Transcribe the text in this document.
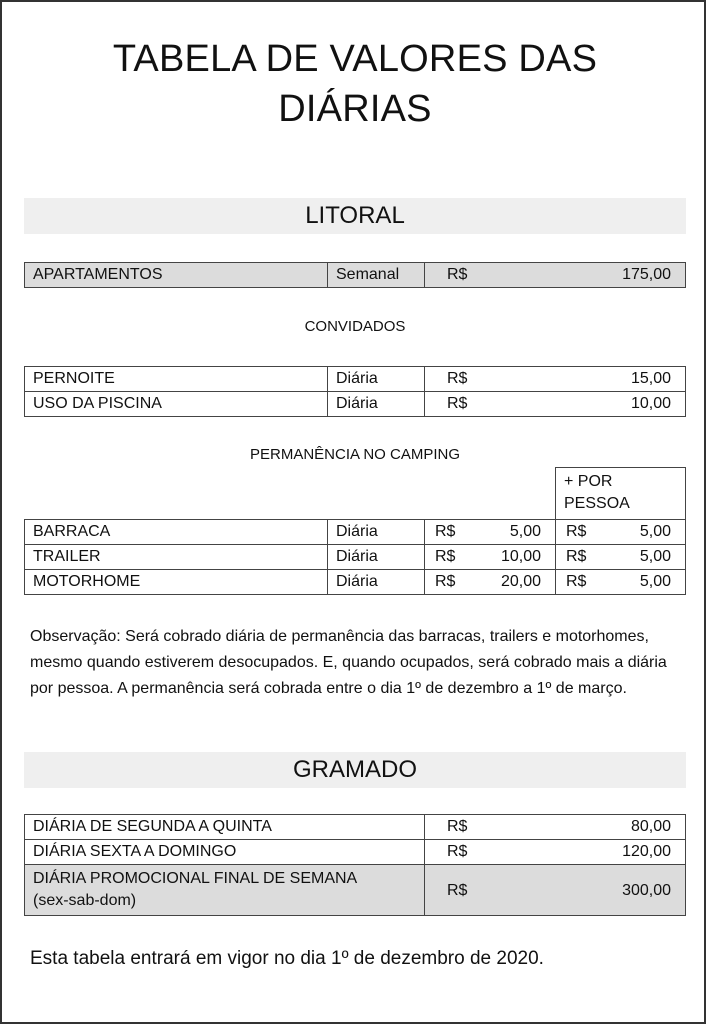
TABELA DE VALORES DAS
DIÁRIAS
LITORAL
APARTAMENTOS	Semanal	R$	175,00
CONVIDADOS
PERNOITE	Diária	R$	15,00
USO DA PISCINA	Diária	R$	10,00
PERMANÊNCIA NO CAMPING
+ POR
PESSOA
BARRACA	Diária	R$	5,00 R$	5,00
TRAILER	Diária	R$	10,00 R$	5,00
MOTORHOME	Diária	R$	20,00 R$	5,00
Observação: Será cobrado diária de permanência das barracas, trailers e motorhomes, mesmo quando estiverem desocupados. E, quando ocupados, será cobrado mais a diária por pessoa. A permanência será cobrada entre o dia 1º de dezembro a 1º de março.
GRAMADO
DIÁRIA DE SEGUNDA A QUINTA	R$	80,00
DIÁRIA SEXTA A DOMINGO	R$	120,00
DIÁRIA PROMOCIONAL FINAL DE SEMANA
(sex-sab-dom)
R$	300,00
Esta tabela entrará em vigor no dia 1º de dezembro de 2020.
